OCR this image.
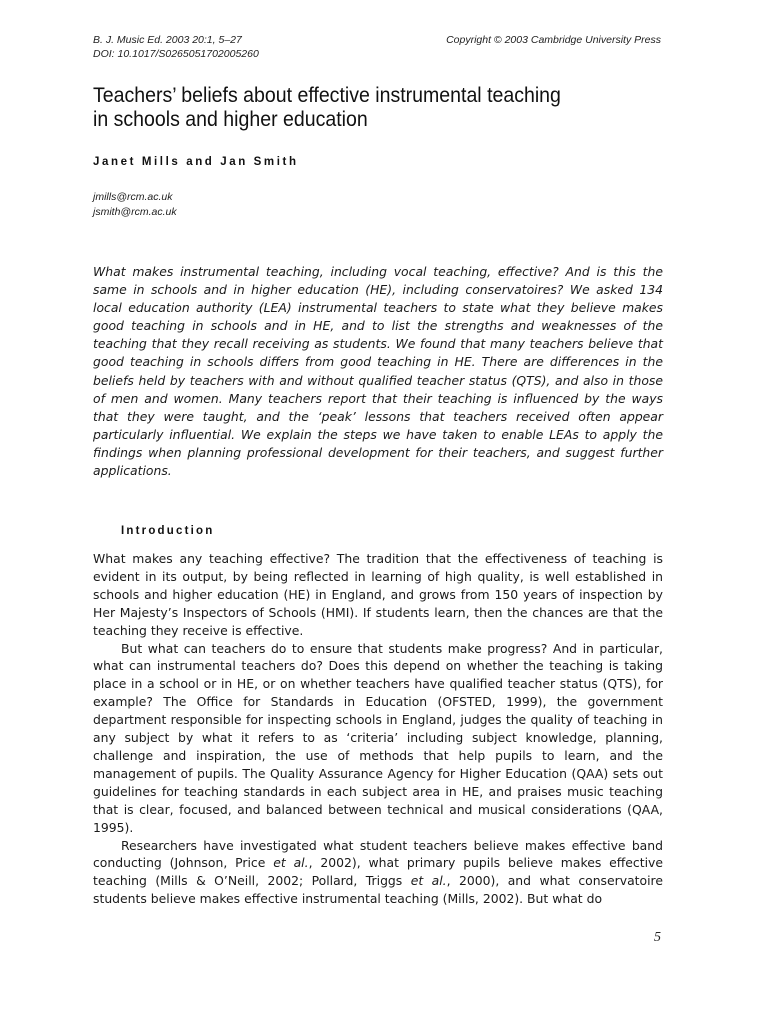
B. J. Music Ed. 2003 20:1, 5–27
DOI: 10.1017/S0265051702005260
Copyright © 2003 Cambridge University Press
Teachers’ beliefs about effective instrumental teaching
in schools and higher education
Janet Mills and Jan Smith
jmills@rcm.ac.uk
jsmith@rcm.ac.uk

What makes instrumental teaching, including vocal teaching, effective? And is this the same in schools and in higher education (HE), including conservatoires? We asked 134 local education authority (LEA) instrumental teachers to state what they believe makes good teaching in schools and in HE, and to list the strengths and weaknesses of the teaching that they recall receiving as students. We found that many teachers believe that good teaching in schools differs from good teaching in HE. There are differences in the beliefs held by teachers with and without qualified teacher status (QTS), and also in those of men and women. Many teachers report that their teaching is influenced by the ways that they were taught, and the ‘peak’ lessons that teachers received often appear particularly influential. We explain the steps we have taken to enable LEAs to apply the findings when planning professional development for their teachers, and suggest further applications.

Introduction

What makes any teaching effective? The tradition that the effectiveness of teaching is evident in its output, by being reflected in learning of high quality, is well established in schools and higher education (HE) in England, and grows from 150 years of inspection by Her Majesty’s Inspectors of Schools (HMI). If students learn, then the chances are that the teaching they receive is effective.

But what can teachers do to ensure that students make progress? And in particular, what can instrumental teachers do? Does this depend on whether the teaching is taking place in a school or in HE, or on whether teachers have qualified teacher status (QTS), for example? The Office for Standards in Education (OFSTED, 1999), the government department responsible for inspecting schools in England, judges the quality of teaching in any subject by what it refers to as ‘criteria’ including subject knowledge, planning, challenge and inspiration, the use of methods that help pupils to learn, and the management of pupils. The Quality Assurance Agency for Higher Education (QAA) sets out guidelines for teaching standards in each subject area in HE, and praises music teaching that is clear, focused, and balanced between technical and musical considerations (QAA, 1995).

Researchers have investigated what student teachers believe makes effective band conducting (Johnson, Price et al., 2002), what primary pupils believe makes effective teaching (Mills & O’Neill, 2002; Pollard, Triggs et al., 2000), and what conservatoire students believe makes effective instrumental teaching (Mills, 2002). But what do

5
